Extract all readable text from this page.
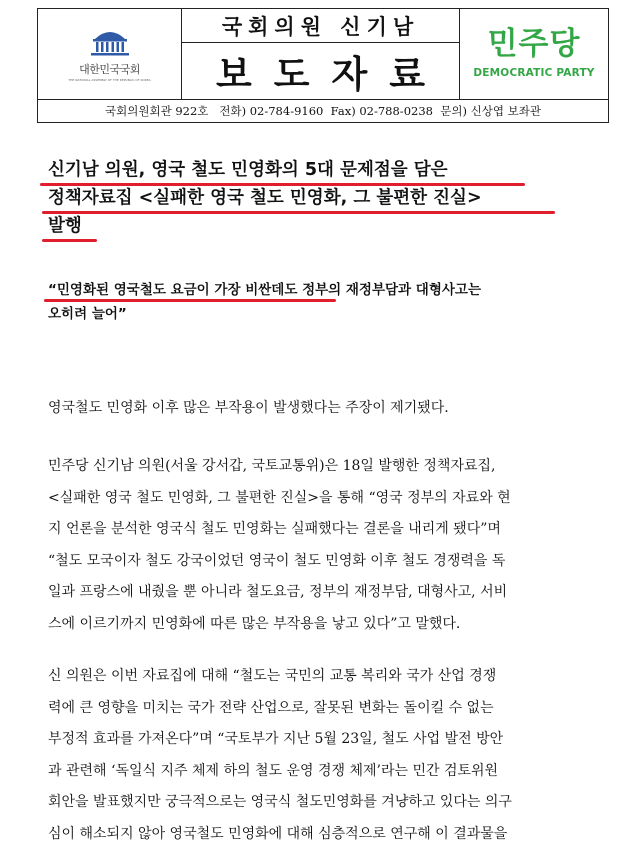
대한민국국회
THE NATIONAL ASSEMBLY OF THE REPUBLIC OF KOREA
국회의원 신기남
보도자료
민주당
DEMOCRATIC PARTY
국회의원회관 922호   전화) 02-784-9160  Fax) 02-788-0238  문의) 신상엽 보좌관
신기남 의원, 영국 철도 민영화의 5대 문제점을 담은
정책자료집 <실패한 영국 철도 민영화, 그 불편한 진실>
발행
“민영화된 영국철도 요금이 가장 비싼데도 정부의 재정부담과 대형사고는
오히려 늘어”
영국철도 민영화 이후 많은 부작용이 발생했다는 주장이 제기됐다.
민주당 신기남 의원(서울 강서갑, 국토교통위)은 18일 발행한 정책자료집,
<실패한 영국 철도 민영화, 그 불편한 진실>을 통해 “영국 정부의 자료와 현
지 언론을 분석한 영국식 철도 민영화는 실패했다는 결론을 내리게 됐다”며
“철도 모국이자 철도 강국이었던 영국이 철도 민영화 이후 철도 경쟁력을 독
일과 프랑스에 내줬을 뿐 아니라 철도요금, 정부의 재정부담, 대형사고, 서비
스에 이르기까지 민영화에 따른 많은 부작용을 낳고 있다”고 말했다.
신 의원은 이번 자료집에 대해 “철도는 국민의 교통 복리와 국가 산업 경쟁
력에 큰 영향을 미치는 국가 전략 산업으로, 잘못된 변화는 돌이킬 수 없는
부정적 효과를 가져온다”며 “국토부가 지난 5월 23일, 철도 사업 발전 방안
과 관련해 ‘독일식 지주 체제 하의 철도 운영 경쟁 체제’라는 민간 검토위원
회안을 발표했지만 궁극적으로는 영국식 철도민영화를 겨냥하고 있다는 의구
심이 해소되지 않아 영국철도 민영화에 대해 심층적으로 연구해 이 결과물을
